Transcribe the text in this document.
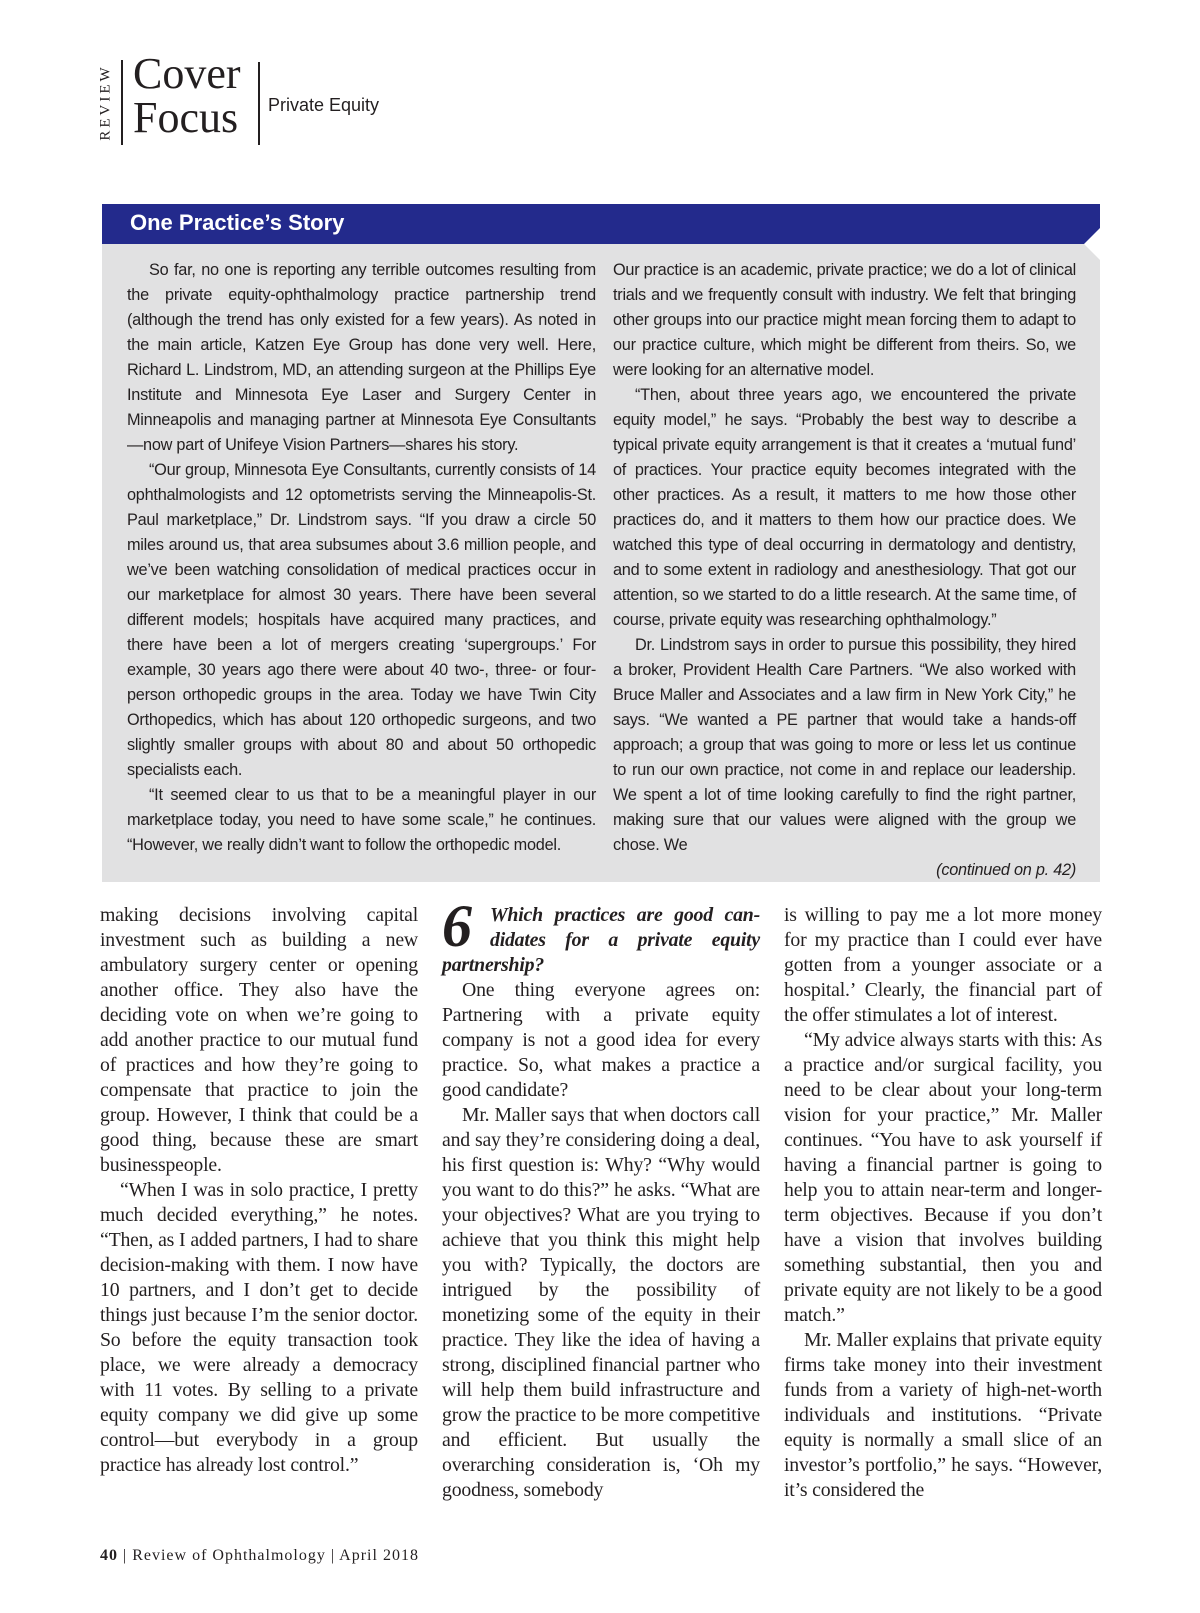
REVIEW Cover
Focus Private Equity
One Practice’s Story

So far, no one is reporting any terrible outcomes resulting from the private equity-ophthalmology practice partnership trend (although the trend has only existed for a few years). As noted in the main article, Katzen Eye Group has done very well. Here, Richard L. Lindstrom, MD, an attending surgeon at the Phillips Eye Institute and Minnesota Eye Laser and Surgery Center in Minneapolis and managing partner at Minnesota Eye Consultants—now part of Unifeye Vision Partners—shares his story.

“Our group, Minnesota Eye Consultants, currently consists of 14 ophthalmologists and 12 optometrists serving the Minneapolis-St. Paul marketplace,” Dr. Lindstrom says. “If you draw a circle 50 miles around us, that area subsumes about 3.6 million people, and we’ve been watching consolidation of medical practices occur in our marketplace for almost 30 years. There have been several different models; hospitals have acquired many practices, and there have been a lot of mergers creating ‘supergroups.’ For example, 30 years ago there were about 40 two-, three- or four-person orthopedic groups in the area. Today we have Twin City Orthopedics, which has about 120 orthopedic surgeons, and two slightly smaller groups with about 80 and about 50 orthopedic specialists each.

“It seemed clear to us that to be a meaningful player in our marketplace today, you need to have some scale,” he continues. “However, we really didn’t want to follow the orthopedic model.

Our practice is an academic, private practice; we do a lot of clinical trials and we frequently consult with industry. We felt that bringing other groups into our practice might mean forcing them to adapt to our practice culture, which might be different from theirs. So, we were looking for an alternative model.

“Then, about three years ago, we encountered the private equity model,” he says. “Probably the best way to describe a typical private equity arrangement is that it creates a ‘mutual fund’ of practices. Your practice equity becomes integrated with the other practices. As a result, it matters to me how those other practices do, and it matters to them how our practice does. We watched this type of deal occurring in dermatology and dentistry, and to some extent in radiology and anesthesiology. That got our attention, so we started to do a little research. At the same time, of course, private equity was researching ophthalmology.”

Dr. Lindstrom says in order to pursue this possibility, they hired a broker, Provident Health Care Partners. “We also worked with Bruce Maller and Associates and a law firm in New York City,” he says. “We wanted a PE partner that would take a hands-off approach; a group that was going to more or less let us continue to run our own practice, not come in and replace our leadership. We spent a lot of time looking carefully to find the right partner, making sure that our values were aligned with the group we chose. We

(continued on p. 42)

making decisions involving capital investment such as building a new ambulatory surgery center or opening another office. They also have the deciding vote on when we’re going to add another practice to our mutual fund of practices and how they’re going to compensate that practice to join the group. However, I think that could be a good thing, because these are smart businesspeople.

“When I was in solo practice, I pretty much decided everything,” he notes. “Then, as I added partners, I had to share decision-making with them. I now have 10 partners, and I don’t get to decide things just because I’m the senior doctor. So before the equity transaction took place, we were already a democracy with 11 votes. By selling to a private equity company we did give up some control—but everybody in a group practice has already lost control.”

6 Which practices are good can-
didates for a private equity
partnership?

One thing everyone agrees on: Partnering with a private equity company is not a good idea for every practice. So, what makes a practice a good candidate?

Mr. Maller says that when doctors call and say they’re considering doing a deal, his first question is: Why? “Why would you want to do this?” he asks. “What are your objectives? What are you trying to achieve that you think this might help you with? Typically, the doctors are intrigued by the possibility of monetizing some of the equity in their practice. They like the idea of having a strong, disciplined financial partner who will help them build infrastructure and grow the practice to be more competitive and efficient. But usually the overarching consideration is, ‘Oh my goodness, somebody

is willing to pay me a lot more money for my practice than I could ever have gotten from a younger associate or a hospital.’ Clearly, the financial part of the offer stimulates a lot of interest.

“My advice always starts with this: As a practice and/or surgical facility, you need to be clear about your long-term vision for your practice,” Mr. Maller continues. “You have to ask yourself if having a financial partner is going to help you to attain near-term and longer-term objectives. Because if you don’t have a vision that involves building something substantial, then you and private equity are not likely to be a good match.”

Mr. Maller explains that private equity firms take money into their investment funds from a variety of high-net-worth individuals and institutions. “Private equity is normally a small slice of an investor’s portfolio,” he says. “However, it’s considered the

40 | Review of Ophthalmology | April 2018
